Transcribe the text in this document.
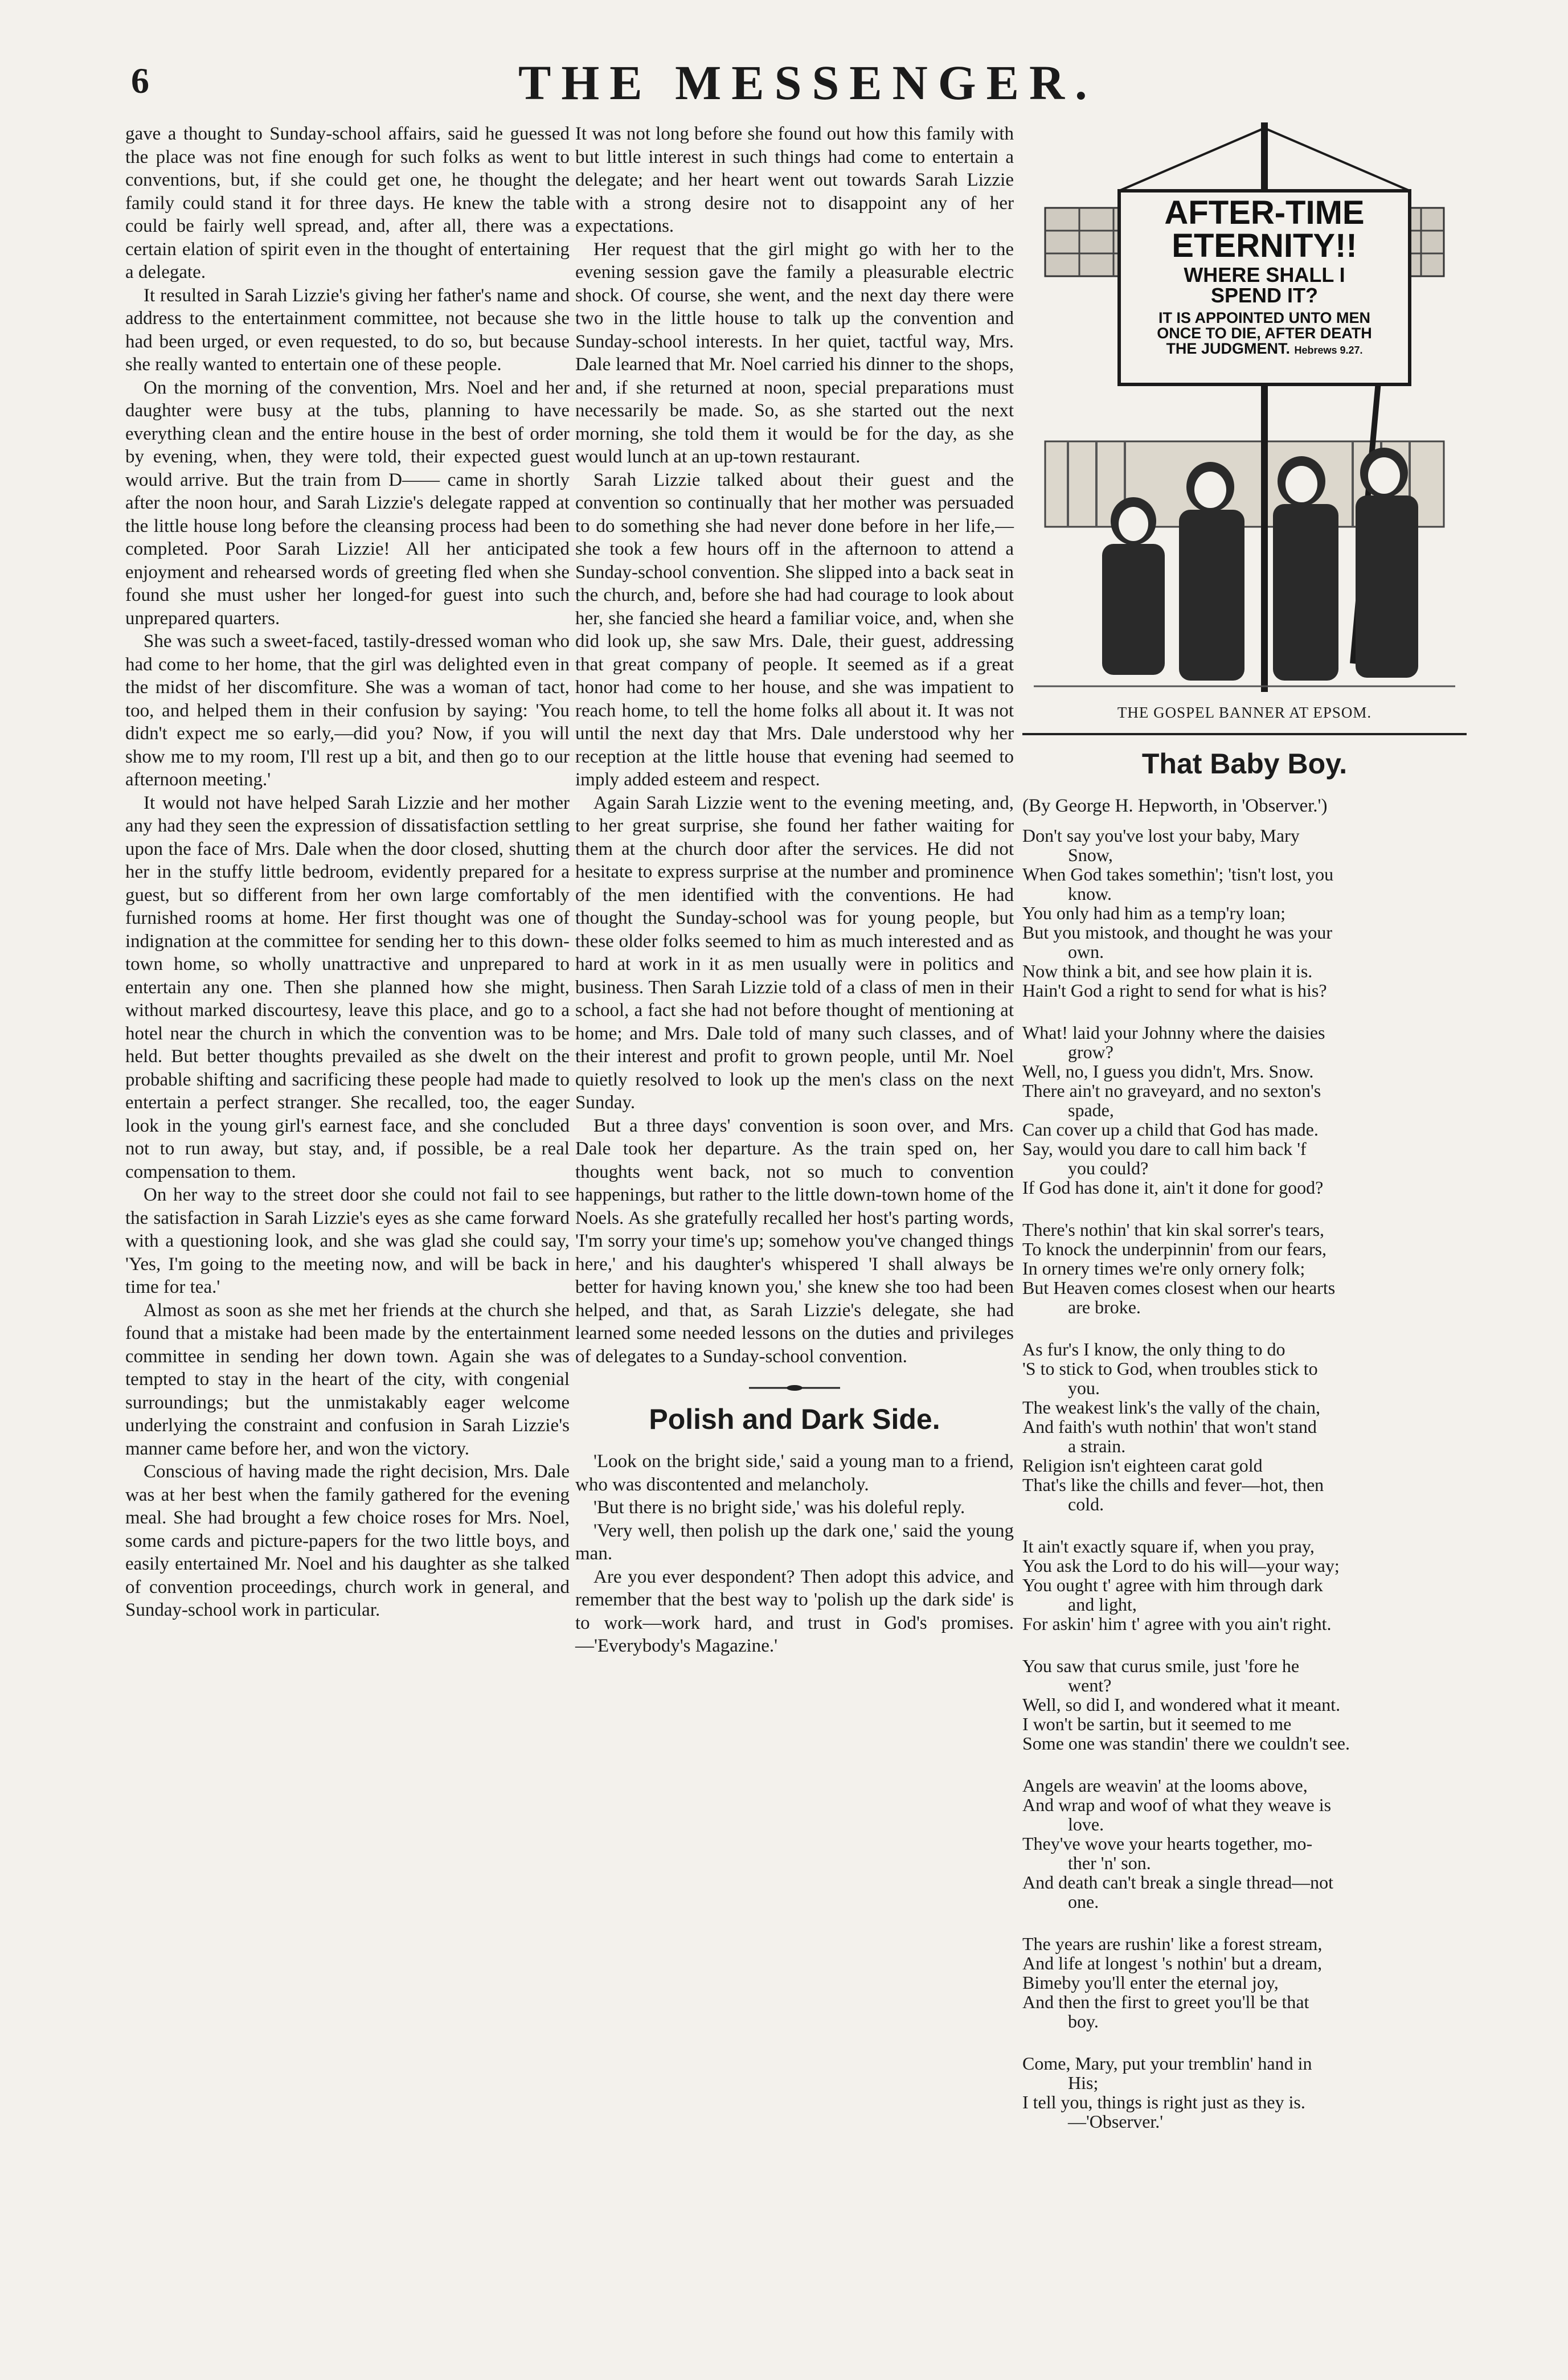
6	THE MESSENGER.

gave a thought to Sunday-school affairs, said he guessed the place was not fine enough for such folks as went to conventions, but, if she could get one, he thought the family could stand it for three days. He knew the table could be fairly well spread, and, after all, there was a certain elation of spirit even in the thought of entertaining a delegate.

It resulted in Sarah Lizzie's giving her father's name and address to the entertainment committee, not because she had been urged, or even requested, to do so, but because she really wanted to entertain one of these people.

On the morning of the convention, Mrs. Noel and her daughter were busy at the tubs, planning to have everything clean and the entire house in the best of order by evening, when, they were told, their expected guest would arrive. But the train from D—— came in shortly after the noon hour, and Sarah Lizzie's delegate rapped at the little house long before the cleansing process had been completed. Poor Sarah Lizzie! All her anticipated enjoyment and rehearsed words of greeting fled when she found she must usher her longed-for guest into such unprepared quarters.

She was such a sweet-faced, tastily-dressed woman who had come to her home, that the girl was delighted even in the midst of her discomfiture. She was a woman of tact, too, and helped them in their confusion by saying: 'You didn't expect me so early,—did you? Now, if you will show me to my room, I'll rest up a bit, and then go to our afternoon meeting.'

It would not have helped Sarah Lizzie and her mother any had they seen the expression of dissatisfaction settling upon the face of Mrs. Dale when the door closed, shutting her in the stuffy little bedroom, evidently prepared for a guest, but so different from her own large comfortably furnished rooms at home. Her first thought was one of indignation at the committee for sending her to this down-town home, so wholly unattractive and unprepared to entertain any one. Then she planned how she might, without marked discourtesy, leave this place, and go to a hotel near the church in which the convention was to be held. But better thoughts prevailed as she dwelt on the probable shifting and sacrificing these people had made to entertain a perfect stranger. She recalled, too, the eager look in the young girl's earnest face, and she concluded not to run away, but stay, and, if possible, be a real compensation to them.

On her way to the street door she could not fail to see the satisfaction in Sarah Lizzie's eyes as she came forward with a questioning look, and she was glad she could say, 'Yes, I'm going to the meeting now, and will be back in time for tea.'

Almost as soon as she met her friends at the church she found that a mistake had been made by the entertainment committee in sending her down town. Again she was tempted to stay in the heart of the city, with congenial surroundings; but the unmistakably eager welcome underlying the constraint and confusion in Sarah Lizzie's manner came before her, and won the victory.

Conscious of having made the right decision, Mrs. Dale was at her best when the family gathered for the evening meal. She had brought a few choice roses for Mrs. Noel, some cards and picture-papers for the two little boys, and easily entertained Mr. Noel and his daughter as she talked of convention proceedings, church work in general, and Sunday-school work in particular.

It was not long before she found out how this family with but little interest in such things had come to entertain a delegate; and her heart went out towards Sarah Lizzie with a strong desire not to disappoint any of her expectations.

Her request that the girl might go with her to the evening session gave the family a pleasurable electric shock. Of course, she went, and the next day there were two in the little house to talk up the convention and Sunday-school interests. In her quiet, tactful way, Mrs. Dale learned that Mr. Noel carried his dinner to the shops, and, if she returned at noon, special preparations must necessarily be made. So, as she started out the next morning, she told them it would be for the day, as she would lunch at an up-town restaurant.

Sarah Lizzie talked about their guest and the convention so continually that her mother was persuaded to do something she had never done before in her life,—she took a few hours off in the afternoon to attend a Sunday-school convention. She slipped into a back seat in the church, and, before she had had courage to look about her, she fancied she heard a familiar voice, and, when she did look up, she saw Mrs. Dale, their guest, addressing that great company of people. It seemed as if a great honor had come to her house, and she was impatient to reach home, to tell the home folks all about it. It was not until the next day that Mrs. Dale understood why her reception at the little house that evening had seemed to imply added esteem and respect.

Again Sarah Lizzie went to the evening meeting, and, to her great surprise, she found her father waiting for them at the church door after the services. He did not hesitate to express surprise at the number and prominence of the men identified with the conventions. He had thought the Sunday-school was for young people, but these older folks seemed to him as much interested and as hard at work in it as men usually were in politics and business. Then Sarah Lizzie told of a class of men in their school, a fact she had not before thought of mentioning at home; and Mrs. Dale told of many such classes, and of their interest and profit to grown people, until Mr. Noel quietly resolved to look up the men's class on the next Sunday.

But a three days' convention is soon over, and Mrs. Dale took her departure. As the train sped on, her thoughts went back, not so much to convention happenings, but rather to the little down-town home of the Noels. As she gratefully recalled her host's parting words, 'I'm sorry your time's up; somehow you've changed things here,' and his daughter's whispered 'I shall always be better for having known you,' she knew she too had been helped, and that, as Sarah Lizzie's delegate, she had learned some needed lessons on the duties and privileges of delegates to a Sunday-school convention.

Polish and Dark Side.

'Look on the bright side,' said a young man to a friend, who was discontented and melancholy.

'But there is no bright side,' was his doleful reply.

'Very well, then polish up the dark one,' said the young man.

Are you ever despondent? Then adopt this advice, and remember that the best way to 'polish up the dark side' is to work—work hard, and trust in God's promises. —'Everybody's Magazine.'

AFTER-TIME
ETERNITY!!
WHERE SHALL I
SPEND IT?
IT IS APPOINTED UNTO MEN
ONCE TO DIE, AFTER DEATH
THE JUDGMENT. Hebrews 9.27.
THE GOSPEL BANNER AT EPSOM.
That Baby Boy.

(By George H. Hepworth, in 'Observer.')

Don't say you've lost your baby, Mary
Snow,
When God takes somethin'; 'tisn't lost, you
know.
You only had him as a temp'ry loan;
But you mistook, and thought he was your
own.
Now think a bit, and see how plain it is.
Hain't God a right to send for what is his?
What! laid your Johnny where the daisies
grow?
Well, no, I guess you didn't, Mrs. Snow.
There ain't no graveyard, and no sexton's
spade,
Can cover up a child that God has made.
Say, would you dare to call him back 'f
you could?
If God has done it, ain't it done for good?
There's nothin' that kin skal sorrer's tears,
To knock the underpinnin' from our fears,
In ornery times we're only ornery folk;
But Heaven comes closest when our hearts
are broke.
As fur's I know, the only thing to do
'S to stick to God, when troubles stick to
you.
The weakest link's the vally of the chain,
And faith's wuth nothin' that won't stand
a strain.
Religion isn't eighteen carat gold
That's like the chills and fever—hot, then
cold.
It ain't exactly square if, when you pray,
You ask the Lord to do his will—your way;
You ought t' agree with him through dark
and light,
For askin' him t' agree with you ain't right.
You saw that curus smile, just 'fore he
went?
Well, so did I, and wondered what it meant.
I won't be sartin, but it seemed to me
Some one was standin' there we couldn't see.
Angels are weavin' at the looms above,
And wrap and woof of what they weave is
love.
They've wove your hearts together, mo-
ther 'n' son.
And death can't break a single thread—not
one.
The years are rushin' like a forest stream,
And life at longest 's nothin' but a dream,
Bimeby you'll enter the eternal joy,
And then the first to greet you'll be that
boy.
Come, Mary, put your tremblin' hand in
His;
I tell you, things is right just as they is.
—'Observer.'
